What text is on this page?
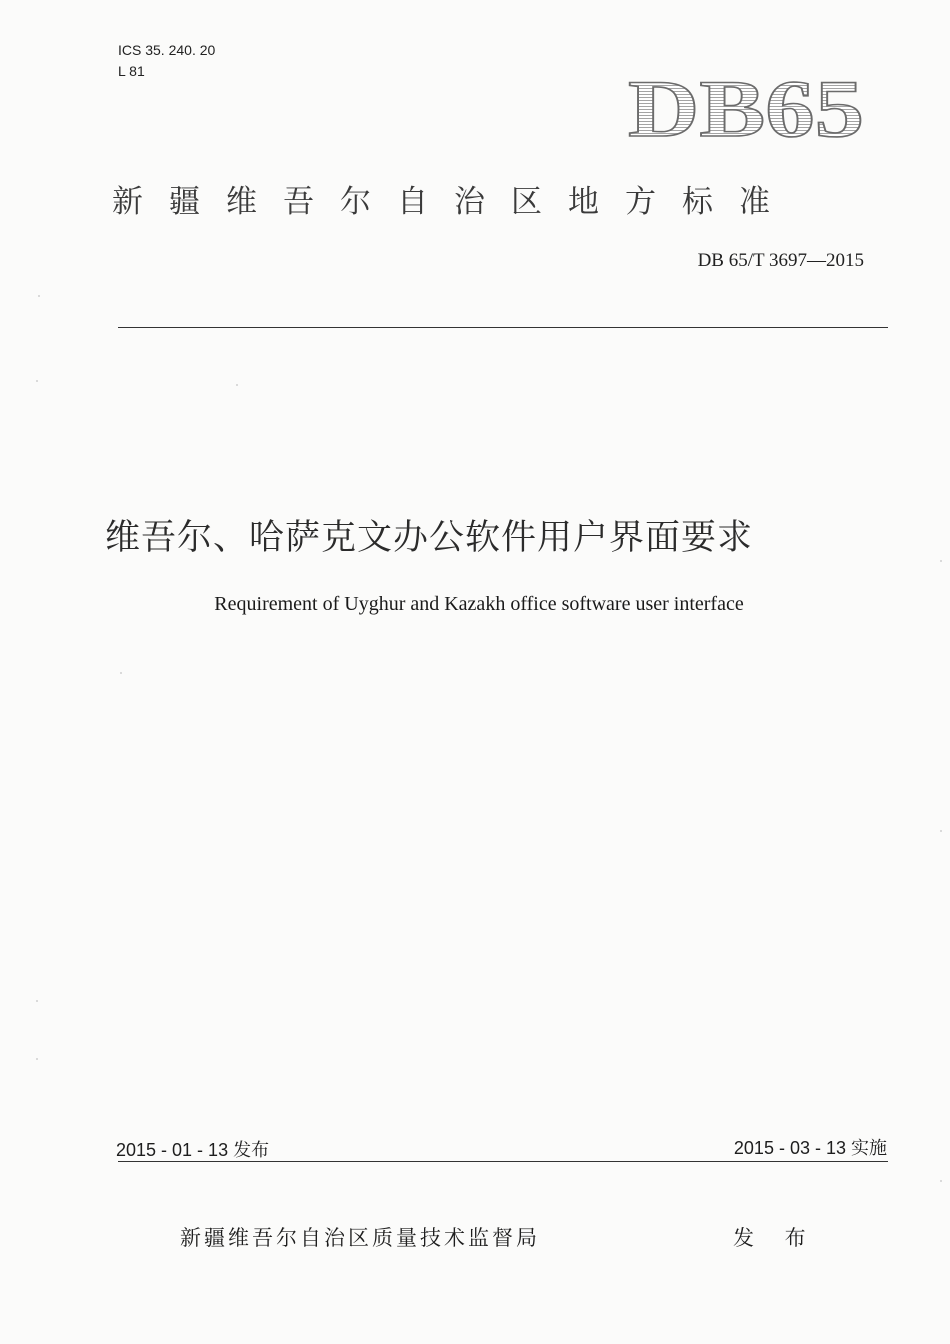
ICS 35. 240. 20
L 81	DB65
新疆维吾尔自治区地方标准
DB 65/T 3697—2015
维吾尔、哈萨克文办公软件用户界面要求
Requirement of Uyghur and Kazakh office software user interface
2015 - 01 - 13 发布	2015 - 03 - 13 实施
新疆维吾尔自治区质量技术监督局	发 布
